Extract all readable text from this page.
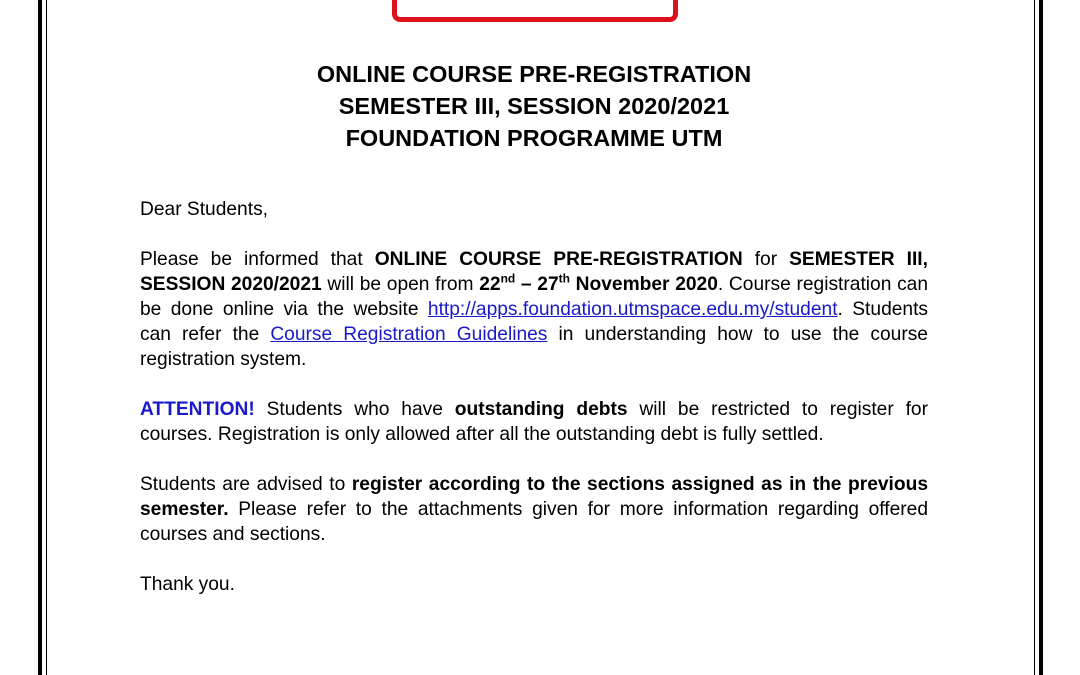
ONLINE COURSE PRE-REGISTRATION
SEMESTER III, SESSION 2020/2021
FOUNDATION PROGRAMME UTM

Dear Students,

Please be informed that ONLINE COURSE PRE-REGISTRATION for SEMESTER III, SESSION 2020/2021 will be open from 22nd – 27th November 2020. Course registration can be done online via the website http://apps.foundation.utmspace.edu.my/student. Students can refer the Course Registration Guidelines in understanding how to use the course registration system.

ATTENTION! Students who have outstanding debts will be restricted to register for courses. Registration is only allowed after all the outstanding debt is fully settled.

Students are advised to register according to the sections assigned as in the previous semester. Please refer to the attachments given for more information regarding offered courses and sections.

Thank you.
